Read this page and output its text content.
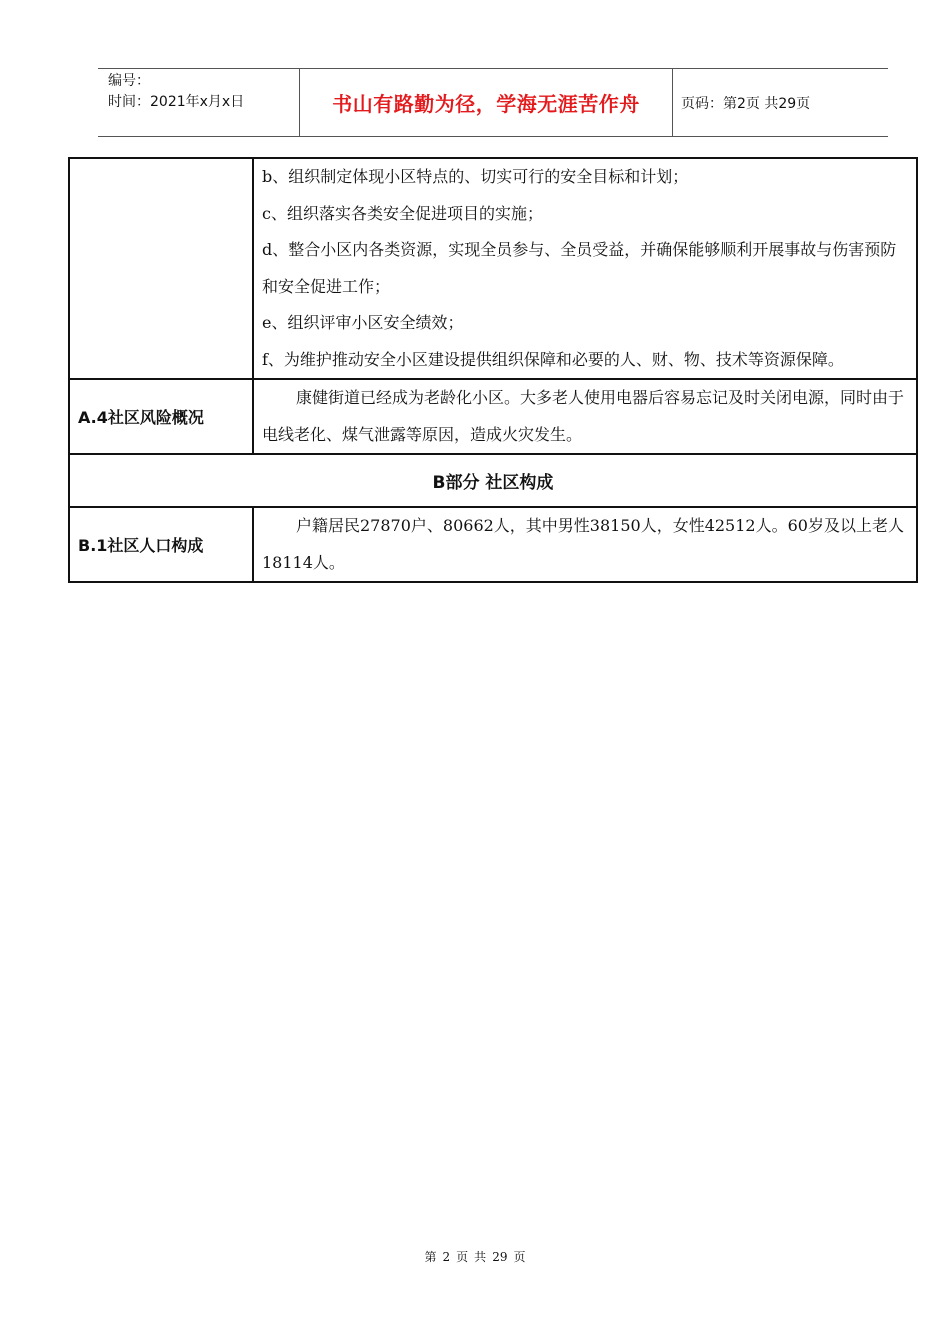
编号：
时间：2021年x月x日	书山有路勤为径，学海无涯苦作舟	页码：第2页 共29页

	b、组织制定体现小区特点的、切实可行的安全目标和计划；

c、组织落实各类安全促进项目的实施；

d、整合小区内各类资源，实现全员参与、全员受益，并确保能够顺利开展事故与伤害预防和安全促进工作；

e、组织评审小区安全绩效；

f、为维护推动安全小区建设提供组织保障和必要的人、财、物、技术等资源保障。

A.4社区风险概况	康健街道已经成为老龄化小区。大多老人使用电器后容易忘记及时关闭电源，同时由于电线老化、煤气泄露等原因，造成火灾发生。

B部分 社区构成	
B.1社区人口构成	户籍居民27870户、80662人，其中男性38150人，女性42512人。60岁及以上老人18114人。

第 2 页 共 29 页
